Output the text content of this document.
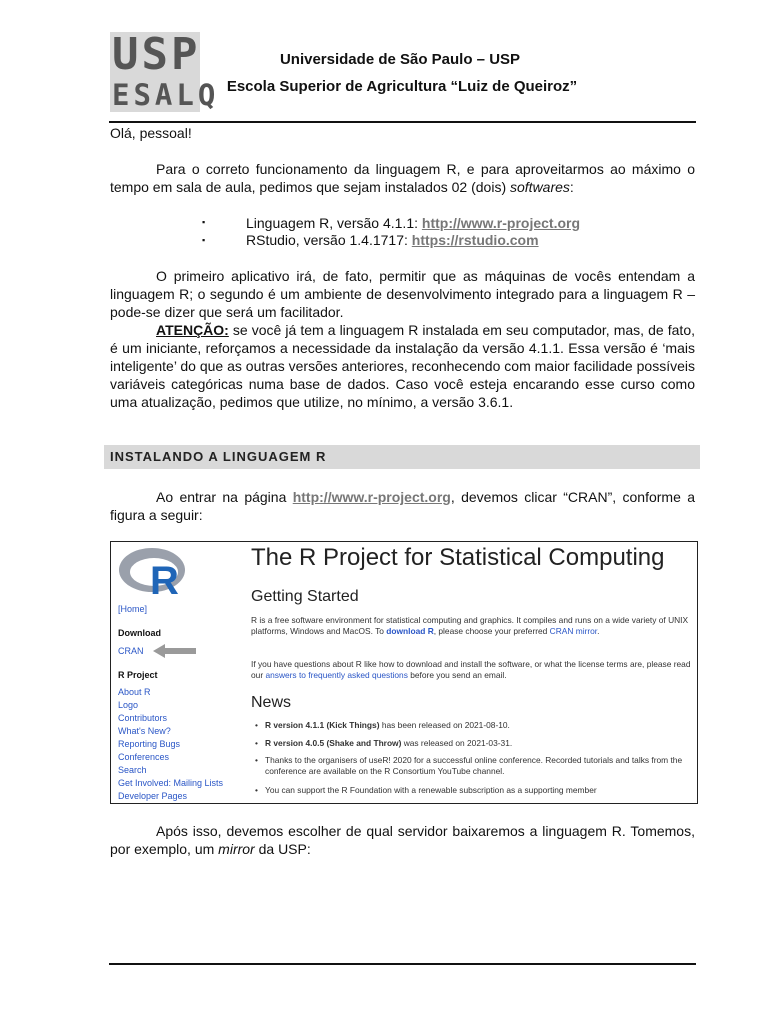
USP
ESALQ
Universidade de São Paulo – USP
Escola Superior de Agricultura “Luiz de Queiroz”
Olá, pessoal!
Para o correto funcionamento da linguagem R, e para aproveitarmos ao máximo o tempo em sala de aula, pedimos que sejam instalados 02 (dois) softwares:
▪	Linguagem R, versão 4.1.1: http://www.r-project.org
▪	RStudio, versão 1.4.1717: https://rstudio.com
O primeiro aplicativo irá, de fato, permitir que as máquinas de vocês entendam a linguagem R; o segundo é um ambiente de desenvolvimento integrado para a linguagem R – pode-se dizer que será um facilitador.
ATENÇÃO: se você já tem a linguagem R instalada em seu computador, mas, de fato, é um iniciante, reforçamos a necessidade da instalação da versão 4.1.1. Essa versão é ‘mais inteligente’ do que as outras versões anteriores, reconhecendo com maior facilidade possíveis variáveis categóricas numa base de dados. Caso você esteja encarando esse curso como uma atualização, pedimos que utilize, no mínimo, a versão 3.6.1.
INSTALANDO A LINGUAGEM R
Ao entrar na página http://www.r-project.org, devemos clicar “CRAN”, conforme a figura a seguir:
R
[Home]
Download
CRAN
R Project
About R
Logo
Contributors
What's New?
Reporting Bugs
Conferences
Search
Get Involved: Mailing Lists
Developer Pages
The R Project for Statistical Computing
Getting Started
R is a free software environment for statistical computing and graphics. It compiles and runs on a wide variety of UNIX platforms, Windows and MacOS. To download R, please choose your preferred CRAN mirror.
If you have questions about R like how to download and install the software, or what the license terms are, please read our answers to frequently asked questions before you send an email.
News
• R version 4.1.1 (Kick Things) has been released on 2021-08-10.
• R version 4.0.5 (Shake and Throw) was released on 2021-03-31.
• Thanks to the organisers of useR! 2020 for a successful online conference. Recorded tutorials and talks from the conference are available on the R Consortium YouTube channel.
• You can support the R Foundation with a renewable subscription as a supporting member
Após isso, devemos escolher de qual servidor baixaremos a linguagem R. Tomemos, por exemplo, um mirror da USP:
